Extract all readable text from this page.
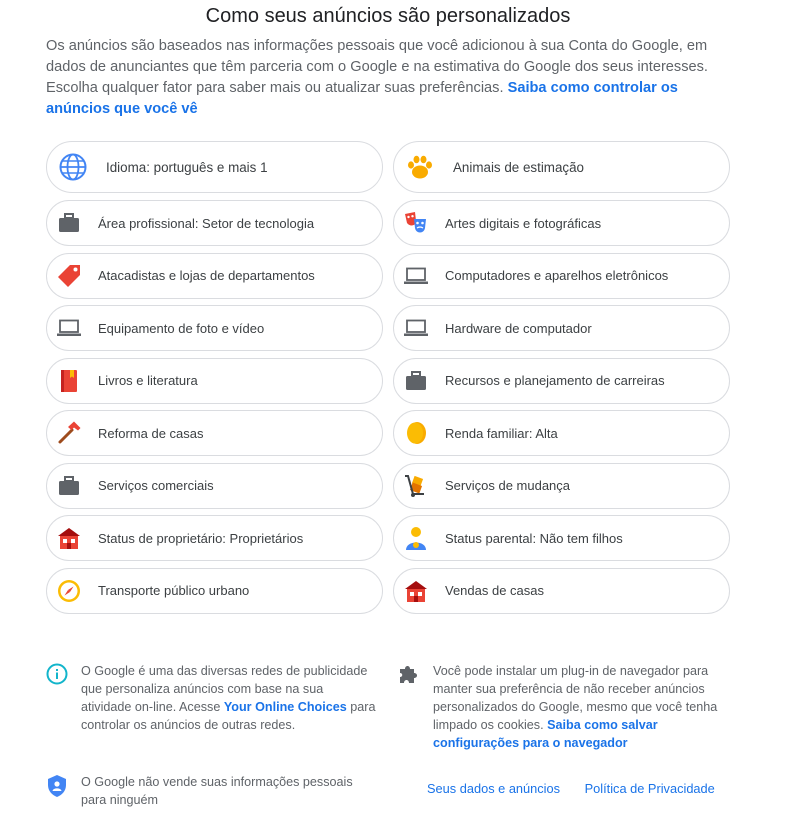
Como seus anúncios são personalizados
Os anúncios são baseados nas informações pessoais que você adicionou à sua Conta do Google, em dados de anunciantes que têm parceria com o Google e na estimativa do Google dos seus interesses. Escolha qualquer fator para saber mais ou atualizar suas preferências. Saiba como controlar os anúncios que você vê
Idioma: português e mais 1	Animais de estimação
Área profissional: Setor de tecnologia	Artes digitais e fotográficas
Atacadistas e lojas de departamentos	Computadores e aparelhos eletrônicos
Equipamento de foto e vídeo	Hardware de computador
Livros e literatura	Recursos e planejamento de carreiras
Reforma de casas	Renda familiar: Alta
Serviços comerciais	Serviços de mudança
Status de proprietário: Proprietários	Status parental: Não tem filhos
Transporte público urbano	Vendas de casas
O Google é uma das diversas redes de publicidade que personaliza anúncios com base na sua atividade on-line. Acesse Your Online Choices para controlar os anúncios de outras redes.
Você pode instalar um plug-in de navegador para manter sua preferência de não receber anúncios personalizados do Google, mesmo que você tenha limpado os cookies. Saiba como salvar configurações para o navegador
O Google não vende suas informações pessoais para ninguém
Seus dados e anúncios Política de Privacidade
